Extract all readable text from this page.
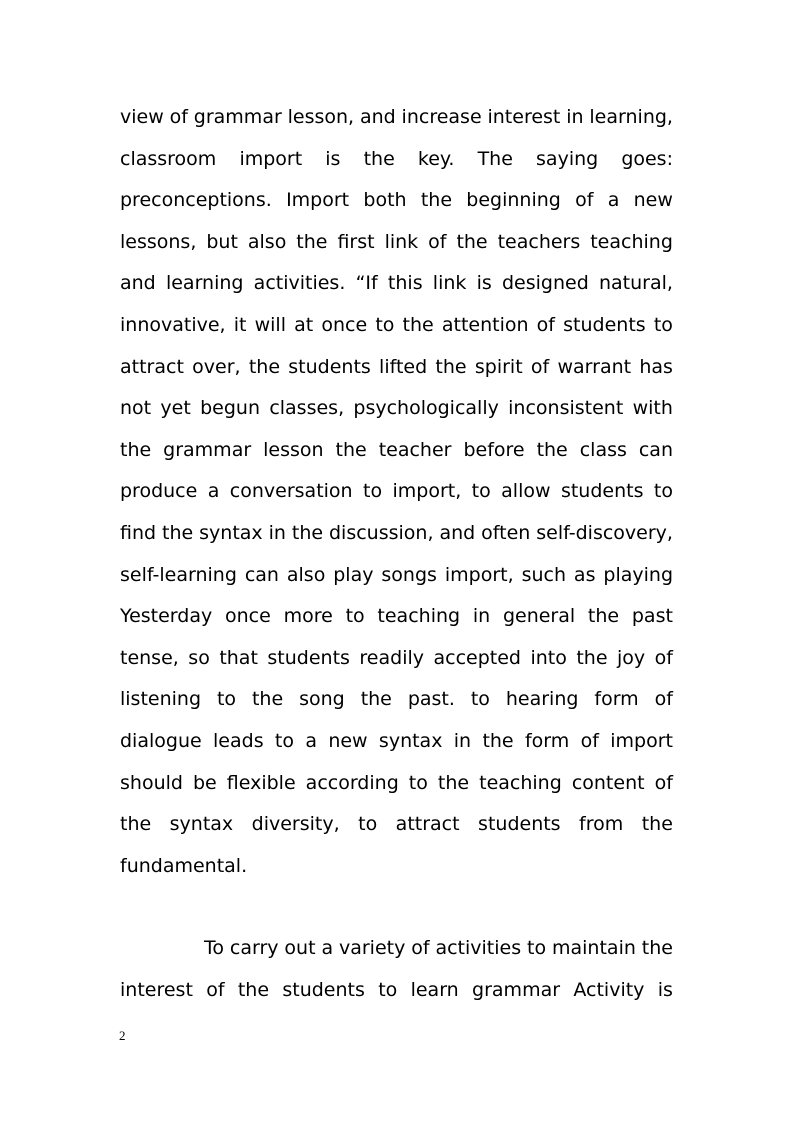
view of grammar lesson, and increase interest in learning,
classroom import is the key. The saying goes:
preconceptions. Import both the beginning of a new
lessons, but also the first link of the teachers teaching
and learning activities. “If this link is designed natural,
innovative, it will at once to the attention of students to
attract over, the students lifted the spirit of warrant has
not yet begun classes, psychologically inconsistent with
the grammar lesson the teacher before the class can
produce a conversation to import, to allow students to
find the syntax in the discussion, and often self-discovery,
self-learning can also play songs import, such as playing
Yesterday once more to teaching in general the past
tense, so that students readily accepted into the joy of
listening to the song the past. to hearing form of
dialogue leads to a new syntax in the form of import
should be flexible according to the teaching content of
the syntax diversity, to attract students from the
fundamental.
To carry out a variety of activities to maintain the
interest of the students to learn grammar Activity is
2
